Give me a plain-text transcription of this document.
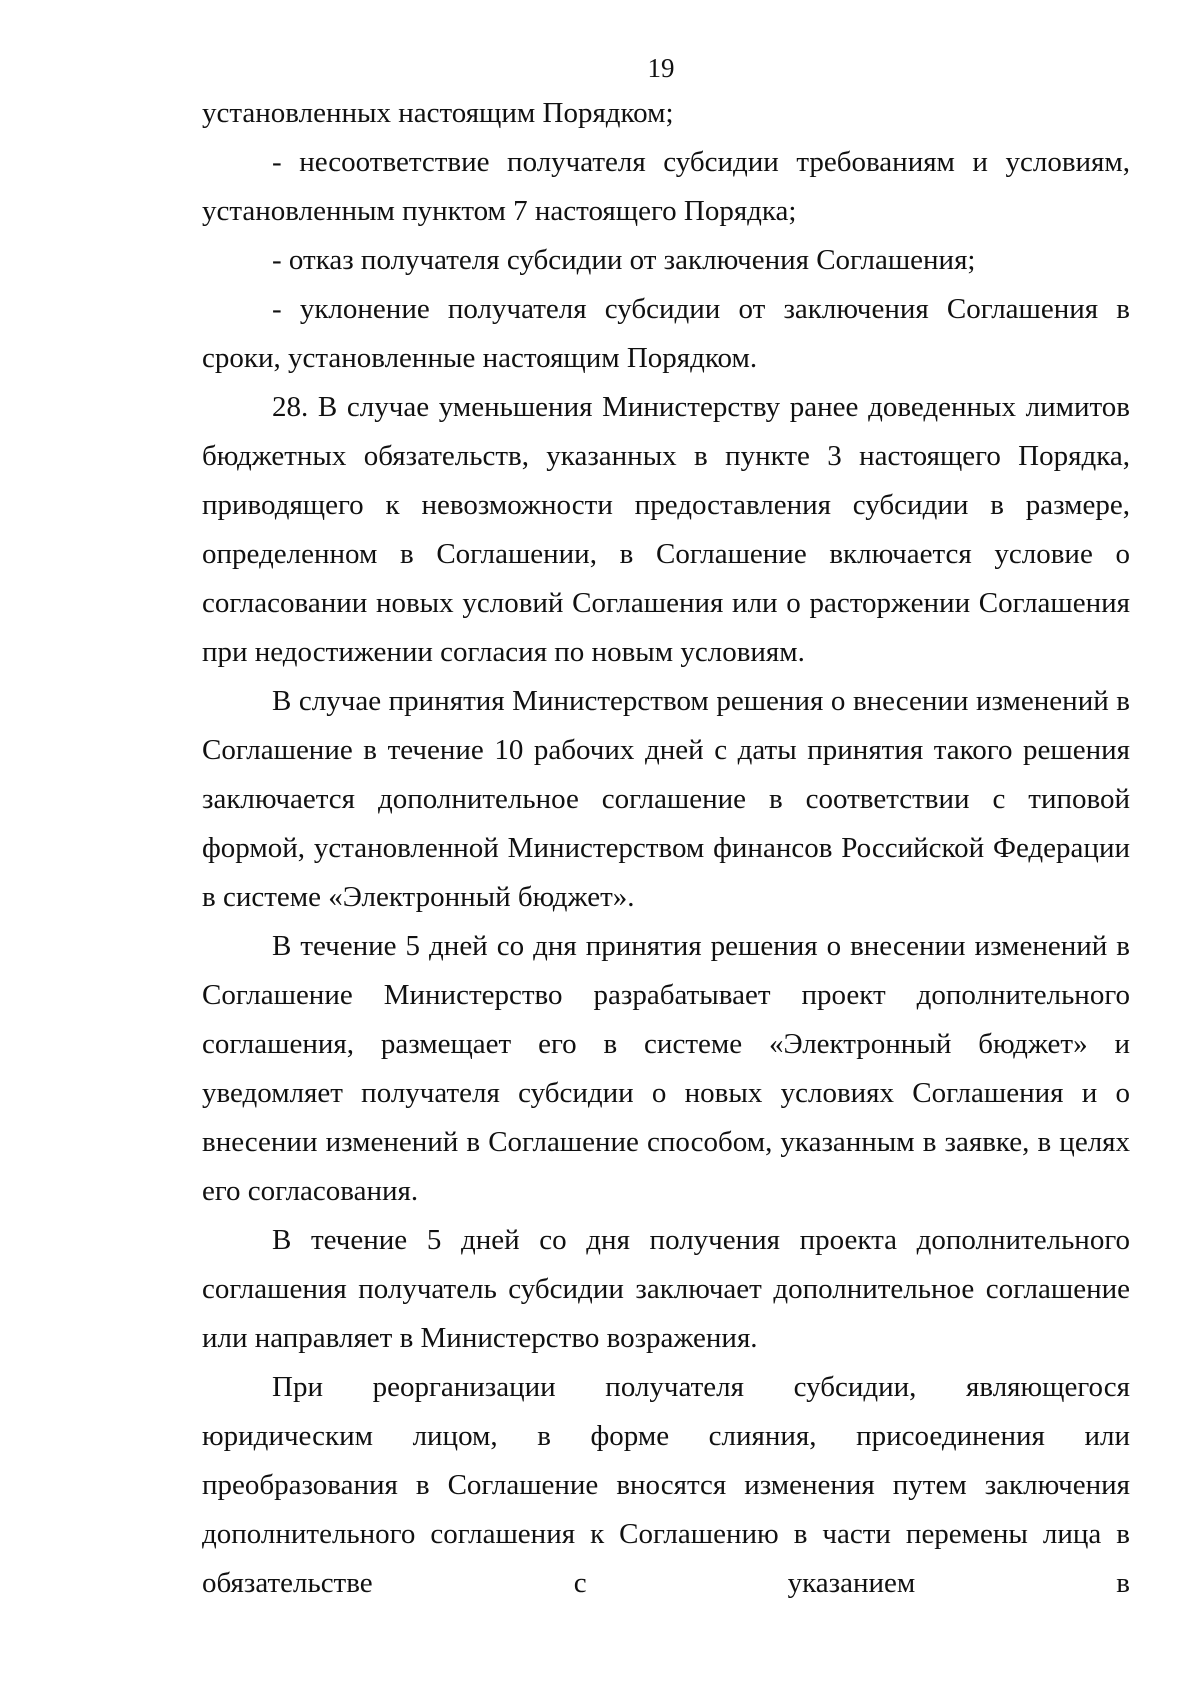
19

установленных настоящим Порядком;

- несоответствие получателя субсидии требованиям и условиям, установленным пунктом 7 настоящего Порядка;

- отказ получателя субсидии от заключения Соглашения;

- уклонение получателя субсидии от заключения Соглашения в сроки, установленные настоящим Порядком.

28. В случае уменьшения Министерству ранее доведенных лимитов бюджетных обязательств, указанных в пункте 3 настоящего Порядка, приводящего к невозможности предоставления субсидии в размере, определенном в Соглашении, в Соглашение включается условие о согласовании новых условий Соглашения или о расторжении Соглашения при недостижении согласия по новым условиям.

В случае принятия Министерством решения о внесении изменений в Соглашение в течение 10 рабочих дней с даты принятия такого решения заключается дополнительное соглашение в соответствии с типовой формой, установленной Министерством финансов Российской Федерации в системе «Электронный бюджет».

В течение 5 дней со дня принятия решения о внесении изменений в Соглашение Министерство разрабатывает проект дополнительного соглашения, размещает его в системе «Электронный бюджет» и уведомляет получателя субсидии о новых условиях Соглашения и о внесении изменений в Соглашение способом, указанным в заявке, в целях его согласования.

В течение 5 дней со дня получения проекта дополнительного соглашения получатель субсидии заключает дополнительное соглашение или направляет в Министерство возражения.

При реорганизации получателя субсидии, являющегося юридическим лицом, в форме слияния, присоединения или преобразования в Соглашение вносятся изменения путем заключения дополнительного соглашения к Соглашению в части перемены лица в обязательстве с указанием в
